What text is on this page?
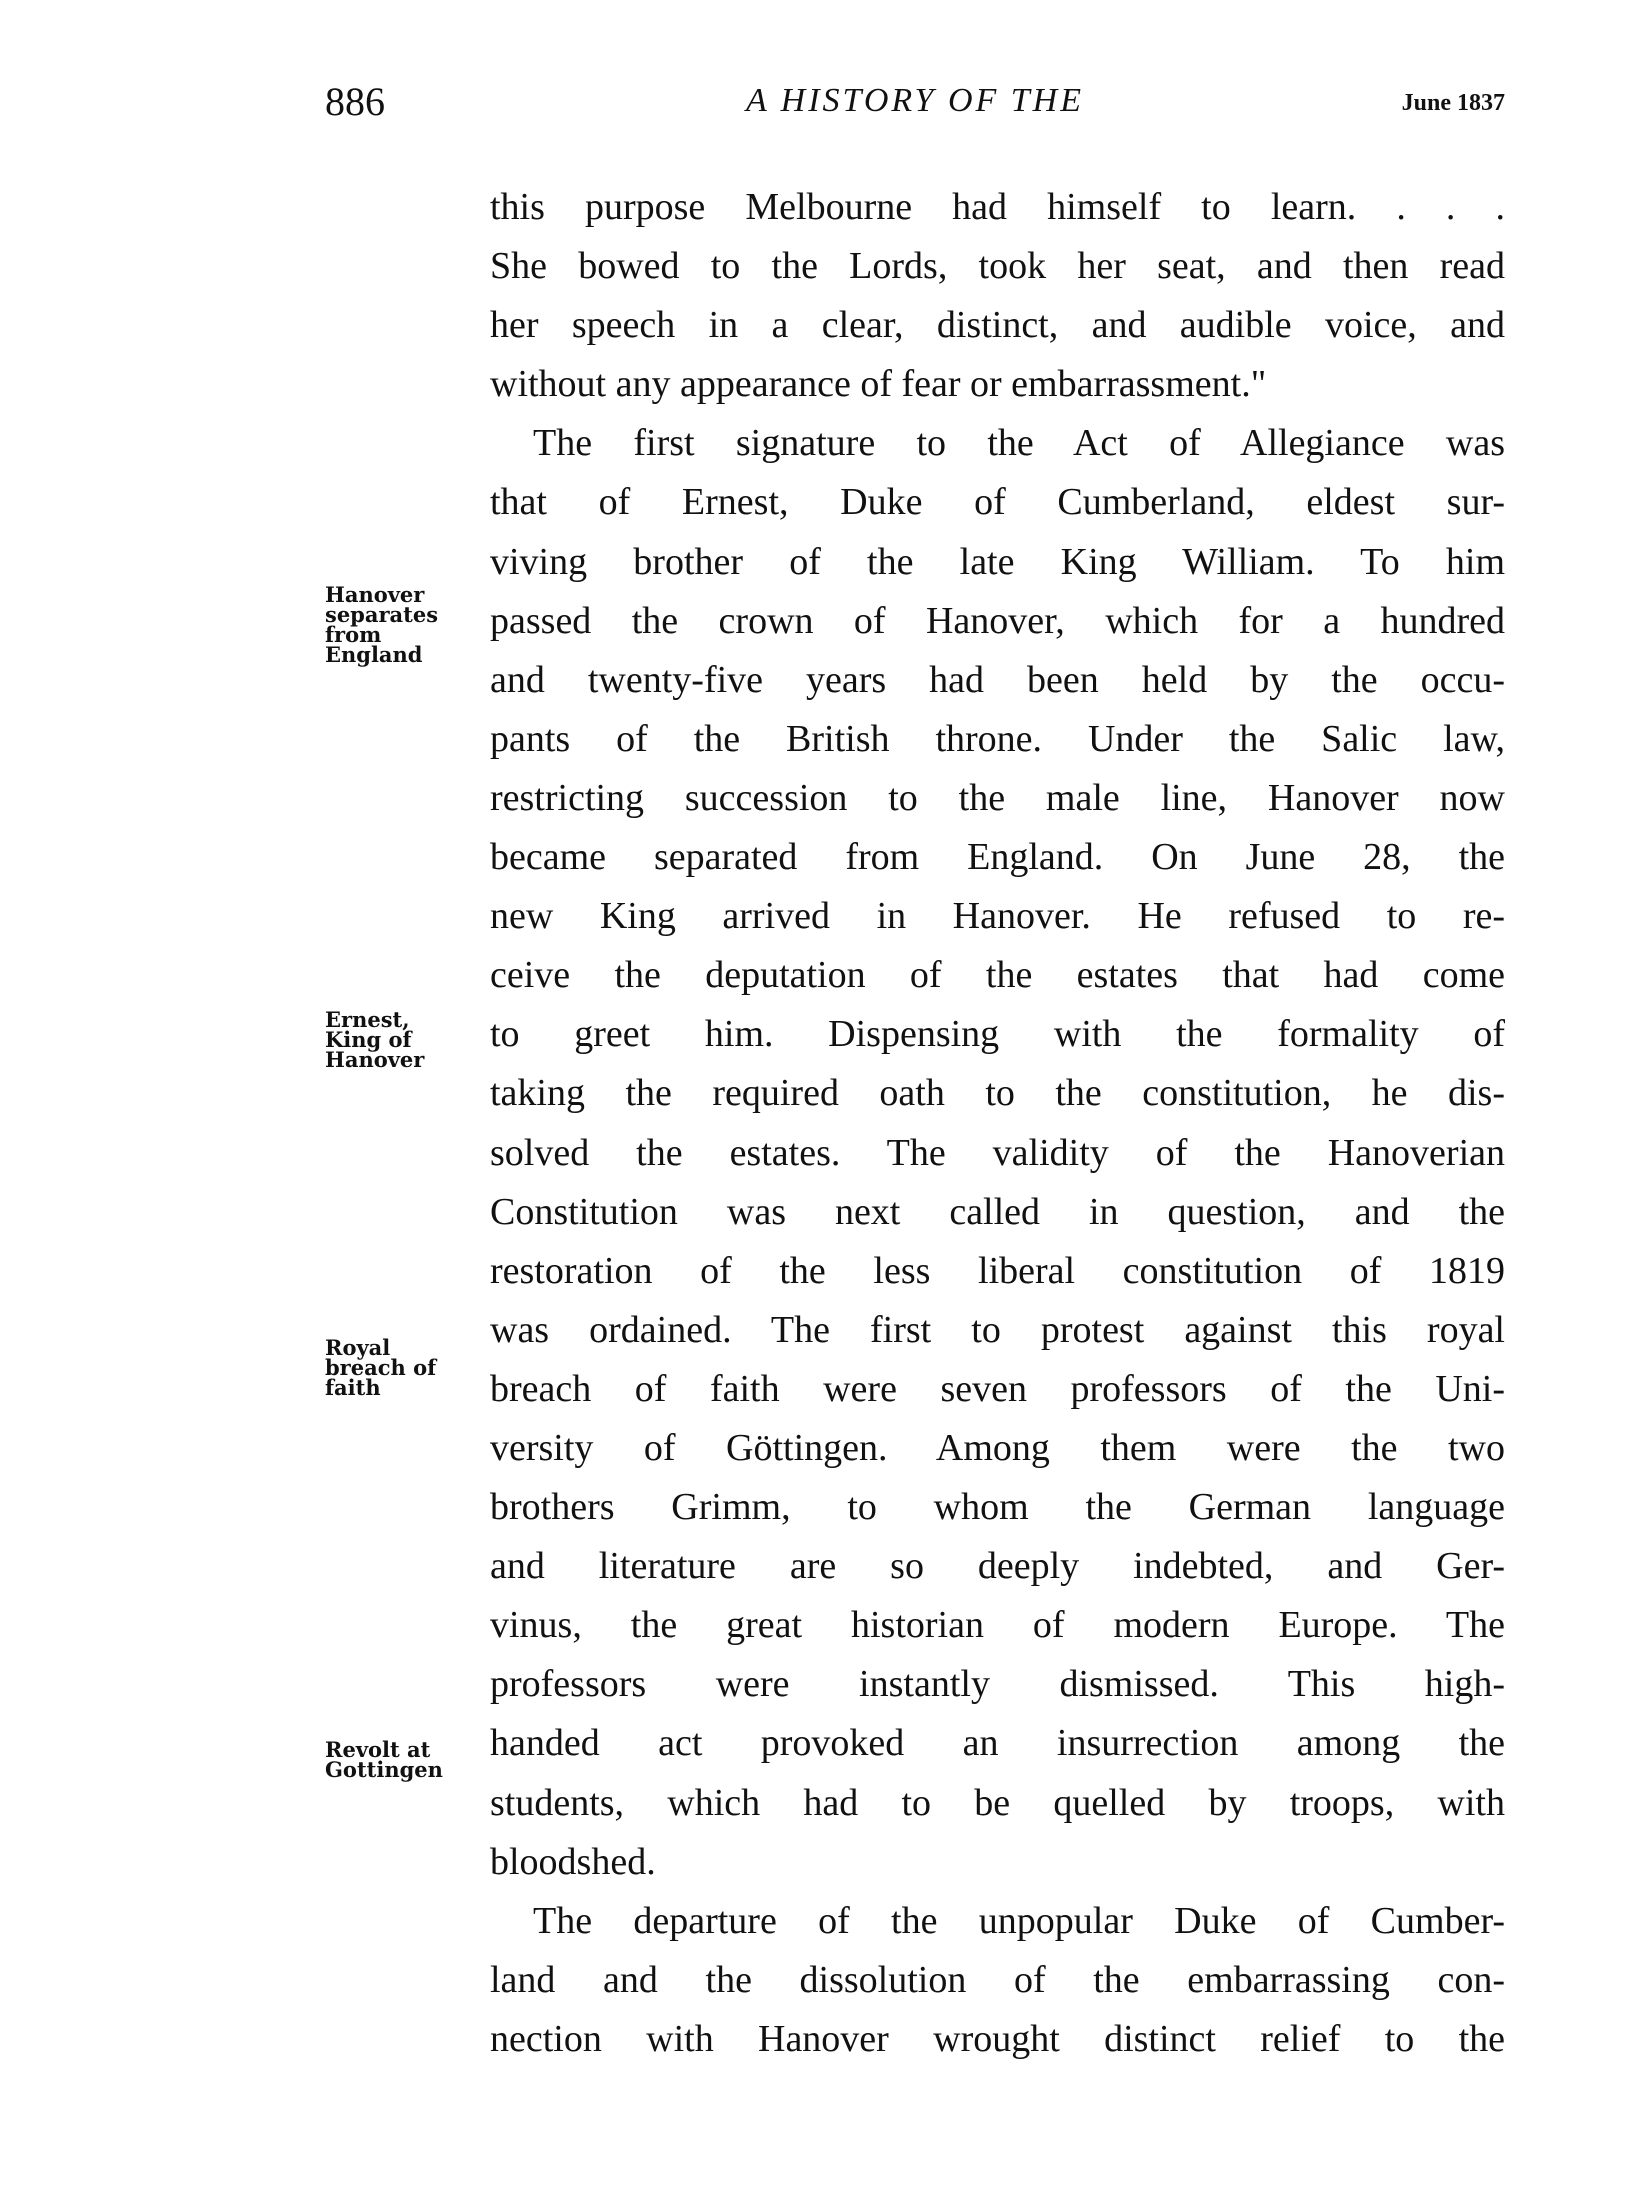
886	A HISTORY OF THE	June 1837
this purpose Melbourne had himself to learn. . . .
She bowed to the Lords, took her seat, and then read
her speech in a clear, distinct, and audible voice, and
without any appearance of fear or embarrassment."
The first signature to the Act of Allegiance was
that of Ernest, Duke of Cumberland, eldest sur-
viving brother of the late King William. To him
passed the crown of Hanover, which for a hundred
and twenty-five years had been held by the occu-
pants of the British throne. Under the Salic law,
restricting succession to the male line, Hanover now
became separated from England. On June 28, the
new King arrived in Hanover. He refused to re-
ceive the deputation of the estates that had come
to greet him. Dispensing with the formality of
taking the required oath to the constitution, he dis-
solved the estates. The validity of the Hanoverian
Constitution was next called in question, and the
restoration of the less liberal constitution of 1819
was ordained. The first to protest against this royal
breach of faith were seven professors of the Uni-
versity of Göttingen. Among them were the two
brothers Grimm, to whom the German language
and literature are so deeply indebted, and Ger-
vinus, the great historian of modern Europe. The
professors were instantly dismissed. This high-
handed act provoked an insurrection among the
students, which had to be quelled by troops, with
bloodshed.
The departure of the unpopular Duke of Cumber-
land and the dissolution of the embarrassing con-
nection with Hanover wrought distinct relief to the
Hanover
separates
from
England
Ernest,
King of
Hanover
Royal
breach of
faith
Revolt at
Gottingen
